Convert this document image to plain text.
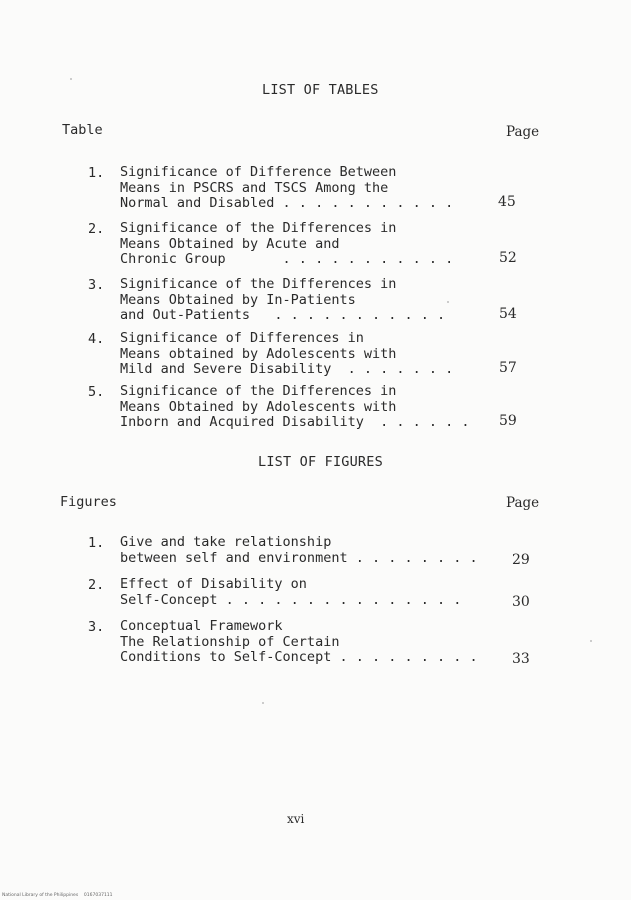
LIST OF TABLES
Table	Page
1. Significance of Difference Between
Means in PSCRS and TSCS Among the
Normal and Disabled . . . . . . . . . . .	45
2. Significance of the Differences in
Means Obtained by Acute and
Chronic Group       . . . . . . . . . . .	52
3. Significance of the Differences in
Means Obtained by In-Patients
and Out-Patients   . . . . . . . . . . .	54
4. Significance of Differences in
Means obtained by Adolescents with
Mild and Severe Disability  . . . . . . .	57
5. Significance of the Differences in
Means Obtained by Adolescents with
Inborn and Acquired Disability  . . . . . . 59
LIST OF FIGURES
Figures	Page
1. Give and take relationship
between self and environment . . . . . . . . 29
2. Effect of Disability on
Self-Concept . . . . . . . . . . . . . . .	30
3. Conceptual Framework
The Relationship of Certain
Conditions to Self-Concept . . . . . . . . . 33
xvi
National Library of the Philippines    0167037111
